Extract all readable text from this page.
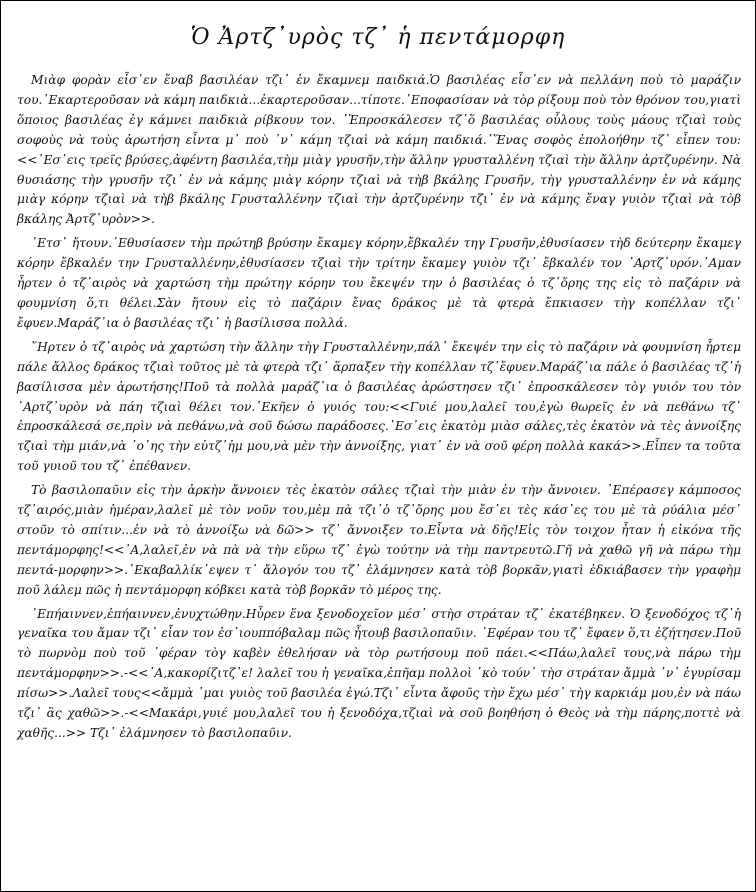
Ὁ Ἀρτζ᾿υρὸς τζ᾿ ἡ πεντάμορφη

Μιὰφ φορὰν εἶσ᾿εν ἔναβ βασιλέαν τζι᾿ ἐν ἔκαμνεμ παιδκιά.Ὁ βασιλέας εἶσ᾿εν νὰ πελλάνη ποὺ τὸ μαράζιν του.᾿Εκαρτεροῦσαν νὰ κάμη παιδκιὰ...ἐκαρτεροῦσαν...τίποτε.᾿Εποφασίσαν νὰ τὸρ ρίξουμ ποὺ τὸν θρόνον του,γιατὶ ὅποιος βασιλέας ἐγ κάμνει παιδκιὰ ρίβκουν τον. ᾿Ἐπροσκάλεσεν τζ᾿ὅ βασιλέας οὗλους τοὺς μάους τζιαὶ τοὺς σοφοὺς νὰ τοὺς ἀρωτήση εἶντα μ᾿ ποὺ ᾿ν᾿ κάμη τζιαὶ νὰ κάμη παιδκιά.᾿Ἕνας σοφὸς ἐπολοήθην τζ᾿ εἶπεν του:<<᾿Εσ᾿εις τρεῖς βρύσες,ἀφέντη βασιλέα,τὴμ μιὰγ γρυσῆν,τὴν ἄλλην γρυσταλλένη τζιαὶ τὴν ἄλλην ἀρτζυρένην. Νὰ θυσιάσης τὴν γρυσῆν τζι᾿ ἐν νὰ κάμης μιὰγ κόρην τζιαὶ νὰ τὴβ βκάλης Γρυσῆν, τὴγ γρυσταλλένην ἐν νὰ κάμης μιὰγ κόρην τζιαὶ νὰ τὴβ βκάλης Γρυσταλλένην τζιαὶ τὴν ἀρτζυρένην τζι᾿ ἐν νὰ κάμης ἔναγ γυιὸν τζιαὶ νὰ τὸβ βκάλης Ἀρτζ᾿υρὸν>>.

᾿Ετσ᾿ ἤτουν.᾿Εθυσίασεν τὴμ πρώτηβ βρύσην ἔκαμεγ κόρην,ἔβκαλέν τηγ Γρυσῆν,ἐθυσίασεν τὴδ δεύτερην ἔκαμεγ κόρην ἔβκαλέν την Γρυσταλλένην,ἐθυσίασεν τζιαὶ τὴν τρίτην ἔκαμεγ γυιὸν τζι᾿ ἔβκαλέν τον ᾿Αρτζ᾿υρόν.᾿Αμαν ἦρτεν ὁ τζ᾿αιρὸς νὰ χαρτώση τὴμ πρώτηγ κόρην του ἔκεψέν την ὁ βασιλέας ὁ τζ᾿ὄρης της εἰς τὸ παζάριν νὰ φουμνίση ὅ,τι θέλει.Σὰν ἤτουν εἰς τὸ παζάριν ἔνας δράκος μὲ τὰ φτερὰ ἔπκιασεν τὴγ κοπέλλαν τζι᾿ ἔφυεν.Μαράζ᾿ια ὁ βασιλέας τζι᾿ ἡ βασίλισσα πολλά.

῞Ηρτεν ὁ τζ᾿αιρὸς νὰ χαρτώση τὴν ἄλλην τὴγ Γρυσταλλένην,πάλ᾿ ἔκεψέν την εἰς τὸ παζάριν νὰ φουμνίση ἦρτεμ πάλε ἄλλος δράκος τζιαὶ τοῦτος μὲ τὰ φτερὰ τζι᾿ ἅρπαξεν τὴγ κοπέλλαν τζ᾿ἔφυεν.Μαράζ᾿ια πάλε ὁ βασιλέας τζ᾿ἡ βασίλισσα μὲν ἀρωτήσης!Ποῦ τὰ πολλὰ μαράζ᾿ια ὁ βασιλέας ἀρώστησεν τζι᾿ ἐπροσκάλεσεν τὸγ γυιόν του τὸν ᾿Αρτζ᾿υρὸν νὰ πάη τζιαὶ θέλει τον.᾿Εκῆεν ὁ γυιός του:<<Γυιέ μου,λαλεῖ του,ἐγὼ θωρεῖς ἐν νὰ πεθάνω τζ᾿ ἐπροσκάλεσά σε,πρὶν νὰ πεθάνω,νὰ σοῦ δώσω παράδοσες.᾿Εσ᾿εις ἑκατὸμ μιὰσ σάλες,τὲς ἑκατὸν νὰ τὲς ἀννοίξης τζιαὶ τὴμ μιάν,νὰ ᾿ο᾿ης τὴν εὐτζ᾿ἠμ μου,νὰ μὲν τὴν ἀννοίξης, γιατ᾿ ἐν νὰ σοῦ φέρη πολλὰ κακά>>.Εἶπεν τα τοῦτα τοῦ γυιοῦ του τζ᾿ ἐπέθανεν.

Τὸ βασιλοπαῦιν εἰς τὴν ἀρκὴν ἄννοιεν τὲς ἑκατὸν σάλες τζιαὶ τὴν μιὰν ἐν τὴν ἄννοιεν. ᾿Επέρασεγ κάμποσος τζ᾿αιρός,μιὰν ἡμέραν,λαλεῖ μὲ τὸν νοῦν του,μὲμ πὰ τζι᾿ὁ τζ᾿ὄρης μου ἔσ᾿ει τὲς κάσ᾿ες του μὲ τὰ ρύάλια μέσ᾿ στοῦν τὸ σπίτιν...ἐν νὰ τὸ ἀννοίξω νὰ δῶ>> τζ᾿ ἄννοιξεν το.Εἶντα νὰ δῆς!Εἰς τὸν τοιχον ἦταν ἡ εἰκόνα τῆς πεντάμορφης!<<᾿Α,λαλεῖ,ἐν νὰ πὰ νὰ τὴν εὕρω τζ᾿ ἐγὼ τούτην νὰ τὴμ παντρευτῶ.Γῆ νὰ χαθῶ γῆ νὰ πάρω τὴμ πεντά-μορφην>>.᾿Εκαβαλλίκ᾿εψεν τ᾿ ἄλογόν του τζ᾿ ἐλάμνησεν κατὰ τὸβ βορκᾶν,γιατὶ ἐδκιάβασεν τὴν γραφὴμ ποῦ λάλεμ πῶς ἡ πεντάμορφη κόβκει κατὰ τὸβ βορκᾶν τὸ μέρος της.

᾿Επήαιννεν,ἐπήαιννεν,ἐνυχτώθην.Ηὗρεν ἕνα ξενοδοχεῖον μέσ᾿ στὴσ στράταν τζ᾿ ἐκατέβηκεν. Ὁ ξενοδόχος τζ᾿ἡ γεναῖκα του ἄμαν τζι᾿ εἶαν τον ἐσ᾿ιουππόβαλαμ πῶς ἦτουβ βασιλοπαῦιν. ᾿Εφέραν του τζ᾿ ἔφαεν ὅ,τι ἐζήτησεν.Ποῦ τὸ πωρνὸμ ποὺ τοῦ ᾿φέραν τὸγ καβὲν ἐθελήσαν νὰ τὸρ ρωτήσουμ ποῦ πάει.<<Πάω,λαλεῖ τους,νὰ πάρω τὴμ πεντάμορφην>>.-<<᾿Α,κακορίζιτζ᾿ε! λαλεῖ του ἡ γεναῖκα,ἐπῆαμ πολλοὶ ᾿κὸ τούν᾿ τὴσ στράταν ἄμμὰ ᾿ν᾿ ἐγυρίσαμ πίσω>>.Λαλεῖ τους<<ἄμμὰ ᾿μαι γυιὸς τοῦ βασιλέα ἐγώ.Τζι᾿ εἶντα ἄφοῦς τὴν ἔχω μέσ᾿ τὴγ καρκιάμ μου,ἐν νὰ πάω τζι᾿ ἂς χαθῶ>>.-<<Μακάρι,γυιέ μου,λαλεῖ του ἡ ξενοδόχα,τζιαὶ νὰ σοῦ βοηθήση ὁ Θεὸς νὰ τὴμ πάρης,ποττὲ νὰ χαθῆς...>> Τζι᾿ ἐλάμνησεν τὸ βασιλοπαῦιν.
